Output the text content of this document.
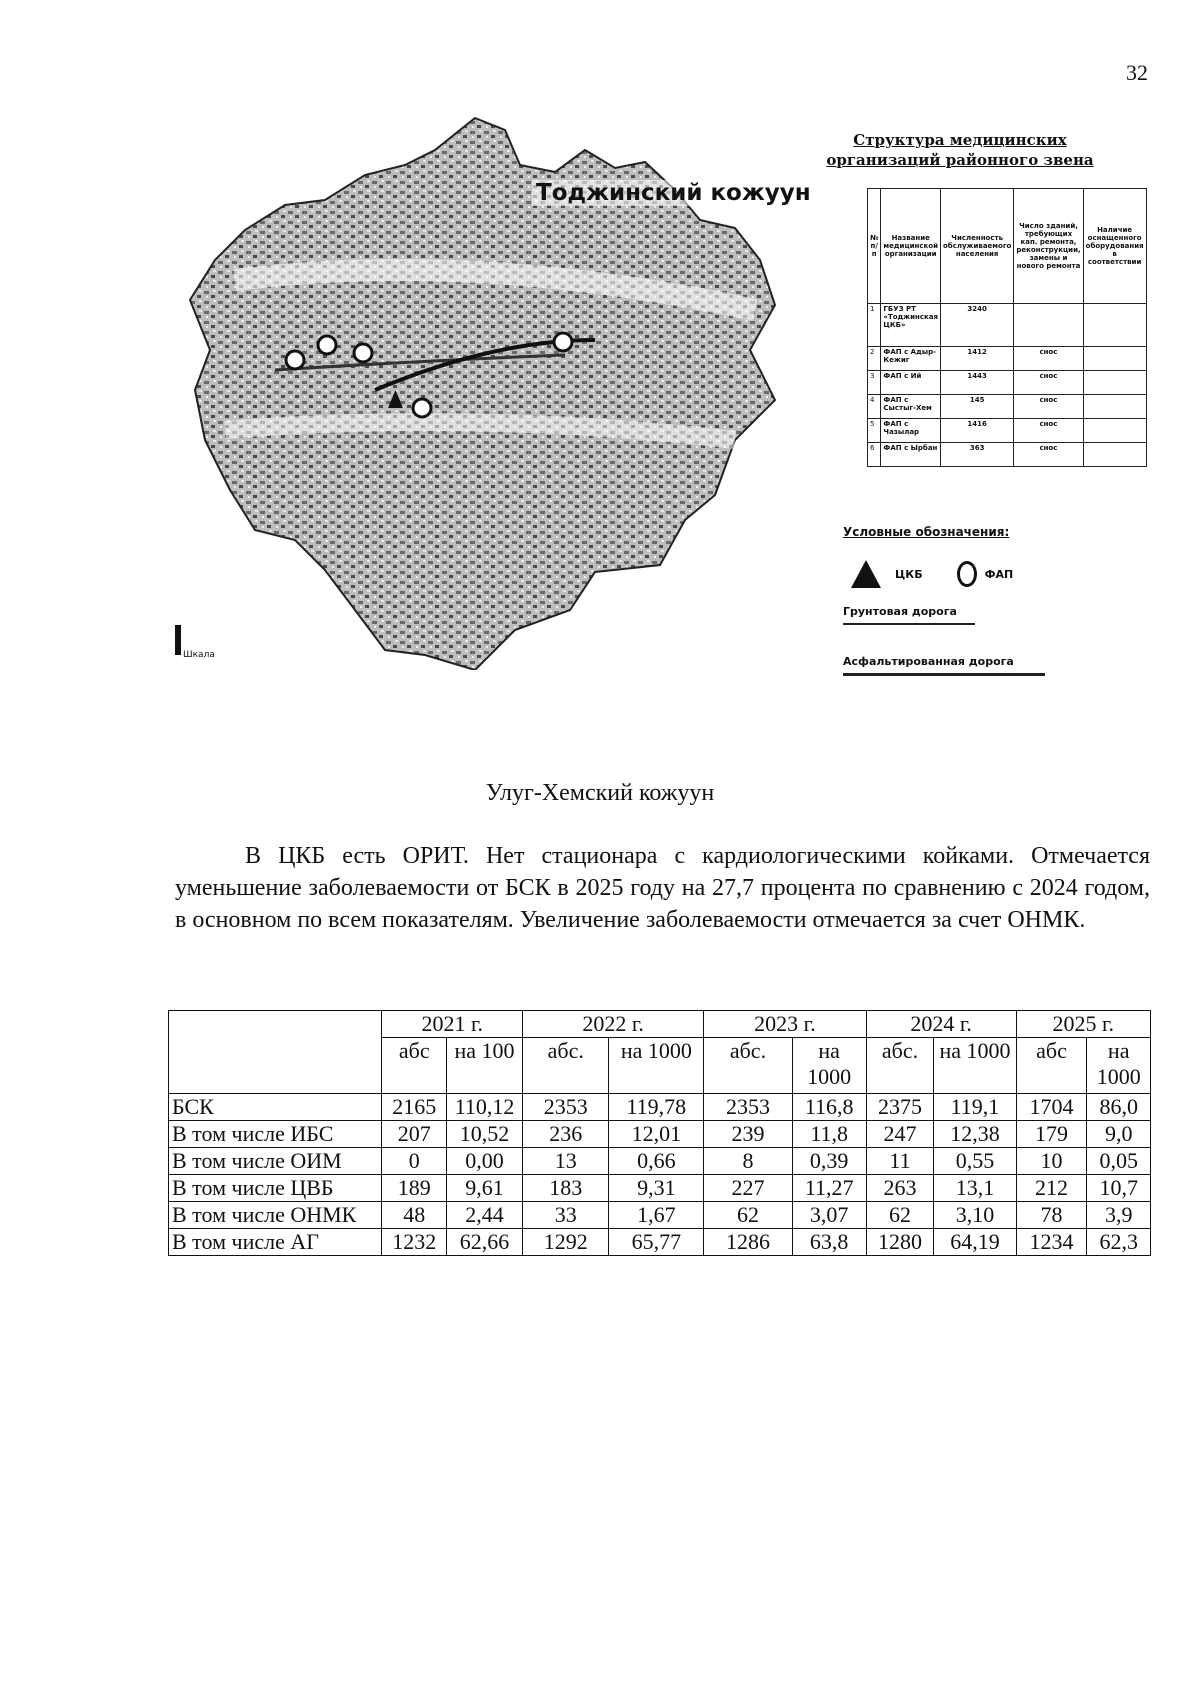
32
Тоджинский кожуун
Шкала
Структура медицинских организаций районного звена
№ п/п	Название медицинской организации	Численность обслуживаемого населения	Число зданий, требующих кап. ремонта, реконструкции, замены и нового ремонта	Наличие оснащенного оборудования в соответствии
1	ГБУЗ РТ «Тоджинская ЦКБ»	3240		
2	ФАП с Адыр-Кежиг	1412	снос	
3	ФАП с Ий	1443	снос	
4	ФАП с Сыстыг-Хем	145	снос	
5	ФАП с Чазылар	1416	снос	
6	ФАП с Ырбан	363	снос	
Условные обозначения:
ЦКБ	ФАП
Грунтовая дорога
Асфальтированная дорога
Улуг-Хемский кожуун

В ЦКБ есть ОРИТ. Нет стационара с кардиологическими койками. Отмечается уменьшение заболеваемости от БСК в 2025 году на 27,7 процента по сравнению с 2024 годом, в основном по всем показателям. Увеличение заболеваемости отмечается за счет ОНМК.

	2021 г.		2022 г.		2023 г.		2024 г.		2025 г.	
	абс	на 100	абс.	на 1000	абс.	на 1000	абс.	на 1000	абс	на 1000
БСК	2165	110,12	2353	119,78	2353	116,8	2375	119,1	1704	86,0
В том числе ИБС	207	10,52	236	12,01	239	11,8	247	12,38	179	9,0
В том числе ОИМ	0	0,00	13	0,66	8	0,39	11	0,55	10	0,05
В том числе ЦВБ	189	9,61	183	9,31	227	11,27	263	13,1	212	10,7
В том числе ОНМК	48	2,44	33	1,67	62	3,07	62	3,10	78	3,9
В том числе АГ	1232	62,66	1292	65,77	1286	63,8	1280	64,19	1234	62,3
